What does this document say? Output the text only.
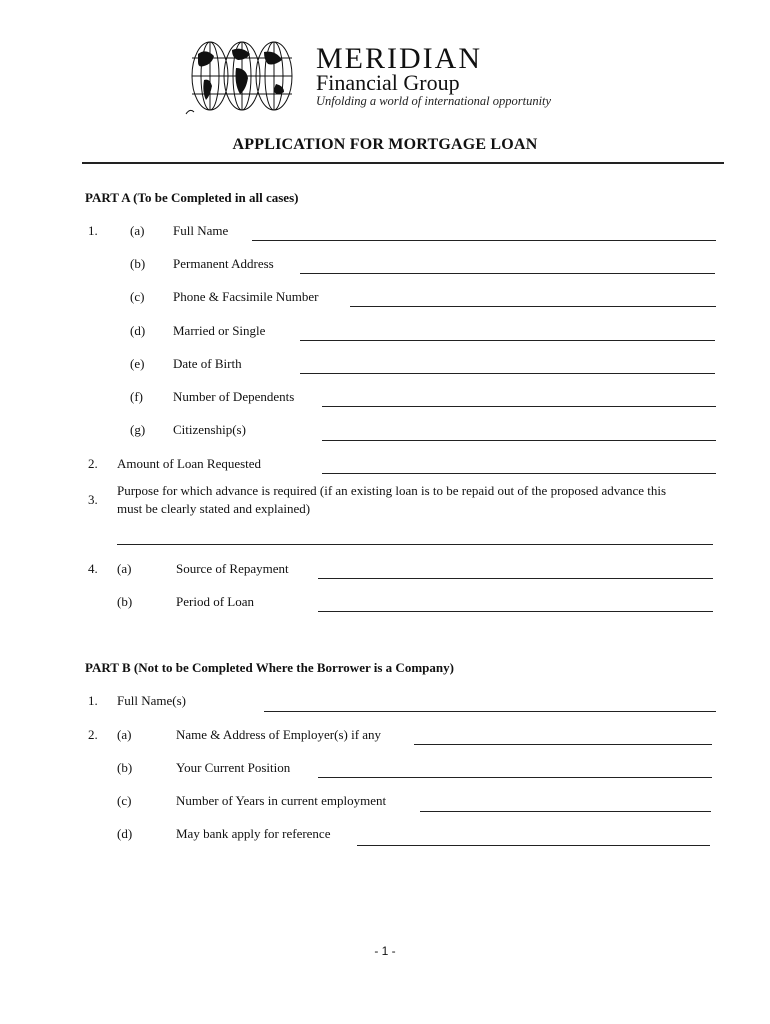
MERIDIAN
Financial Group
Unfolding a world of international opportunity
APPLICATION FOR MORTGAGE LOAN
PART A (To be Completed in all cases)
1. (a) Full Name
(b) Permanent Address
(c) Phone & Facsimile Number
(d) Married or Single
(e) Date of Birth
(f) Number of Dependents
(g) Citizenship(s)
2. Amount of Loan Requested
3.
Purpose for which advance is required (if an existing loan is to be repaid out of the proposed advance this
must be clearly stated and explained)
4. (a)	Source of Repayment
(b)	Period of Loan
PART B (Not to be Completed Where the Borrower is a Company)
1. Full Name(s)
2. (a)	Name & Address of Employer(s) if any
(b)	Your Current Position
(c)	Number of Years in current employment
(d)	May bank apply for reference
- 1 -
